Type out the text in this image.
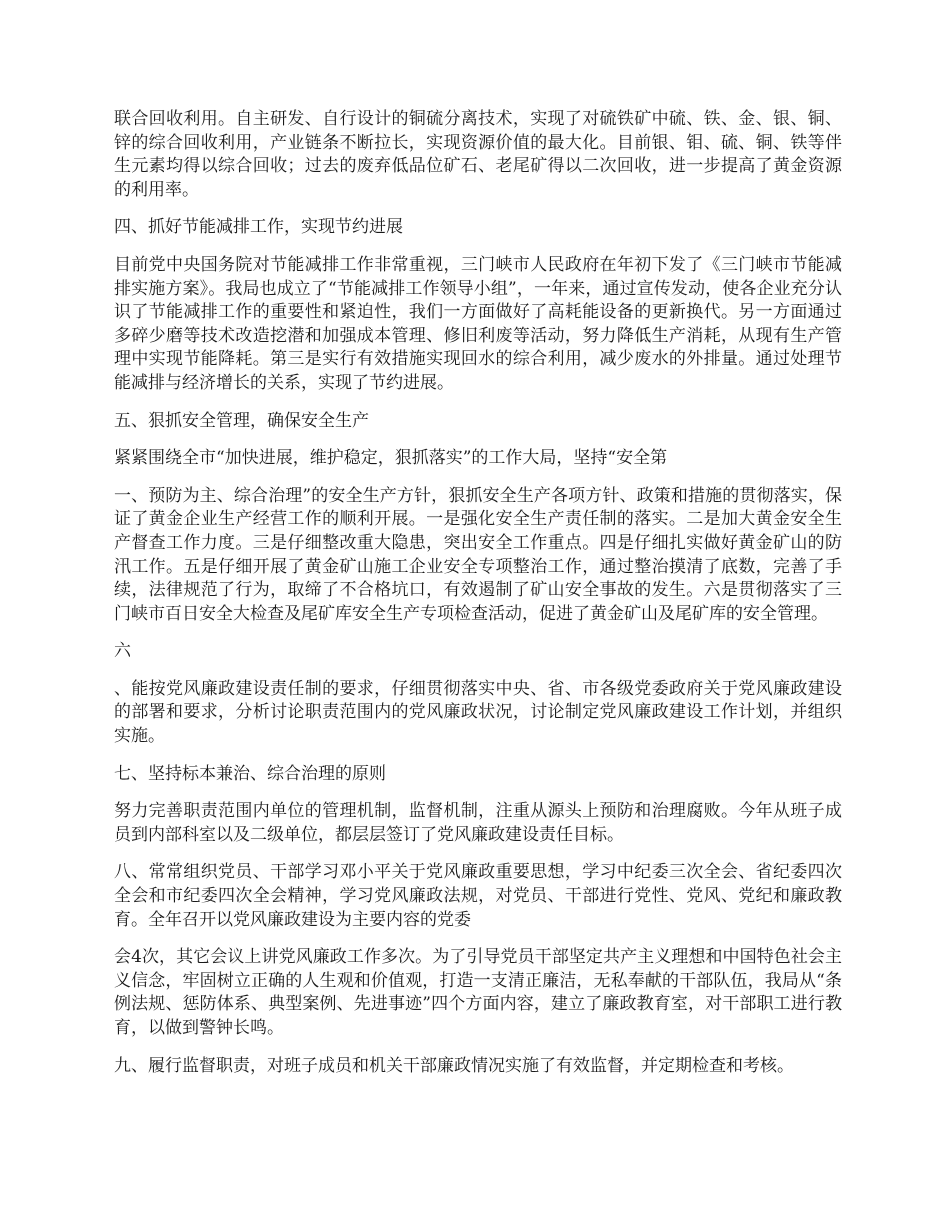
联合回收利用。自主研发、自行设计的铜硫分离技术，实现了对硫铁矿中硫、铁、金、银、铜、锌的综合回收利用，产业链条不断拉长，实现资源价值的最大化。目前银、钼、硫、铜、铁等伴生元素均得以综合回收；过去的废弃低品位矿石、老尾矿得以二次回收，进一步提高了黄金资源的利用率。

四、抓好节能减排工作，实现节约进展

目前党中央国务院对节能减排工作非常重视，三门峡市人民政府在年初下发了《三门峡市节能减排实施方案》。我局也成立了“节能减排工作领导小组”，一年来，通过宣传发动，使各企业充分认识了节能减排工作的重要性和紧迫性，我们一方面做好了高耗能设备的更新换代。另一方面通过多碎少磨等技术改造挖潜和加强成本管理、修旧利废等活动，努力降低生产消耗，从现有生产管理中实现节能降耗。第三是实行有效措施实现回水的综合利用，减少废水的外排量。通过处理节能减排与经济增长的关系，实现了节约进展。

五、狠抓安全管理，确保安全生产

紧紧围绕全市“加快进展，维护稳定，狠抓落实”的工作大局，坚持“安全第

一、预防为主、综合治理”的安全生产方针，狠抓安全生产各项方针、政策和措施的贯彻落实，保证了黄金企业生产经营工作的顺利开展。一是强化安全生产责任制的落实。二是加大黄金安全生产督查工作力度。三是仔细整改重大隐患，突出安全工作重点。四是仔细扎实做好黄金矿山的防汛工作。五是仔细开展了黄金矿山施工企业安全专项整治工作，通过整治摸清了底数，完善了手续，法律规范了行为，取缔了不合格坑口，有效遏制了矿山安全事故的发生。六是贯彻落实了三门峡市百日安全大检查及尾矿库安全生产专项检查活动，促进了黄金矿山及尾矿库的安全管理。

六

、能按党风廉政建设责任制的要求，仔细贯彻落实中央、省、市各级党委政府关于党风廉政建设的部署和要求，分析讨论职责范围内的党风廉政状况，讨论制定党风廉政建设工作计划，并组织实施。

七、坚持标本兼治、综合治理的原则

努力完善职责范围内单位的管理机制，监督机制，注重从源头上预防和治理腐败。今年从班子成员到内部科室以及二级单位，都层层签订了党风廉政建设责任目标。

八、常常组织党员、干部学习邓小平关于党风廉政重要思想，学习中纪委三次全会、省纪委四次全会和市纪委四次全会精神，学习党风廉政法规，对党员、干部进行党性、党风、党纪和廉政教育。全年召开以党风廉政建设为主要内容的党委

会4次，其它会议上讲党风廉政工作多次。为了引导党员干部坚定共产主义理想和中国特色社会主义信念，牢固树立正确的人生观和价值观，打造一支清正廉洁，无私奉献的干部队伍，我局从“条例法规、惩防体系、典型案例、先进事迹”四个方面内容，建立了廉政教育室，对干部职工进行教育，以做到警钟长鸣。

九、履行监督职责，对班子成员和机关干部廉政情况实施了有效监督，并定期检查和考核。
